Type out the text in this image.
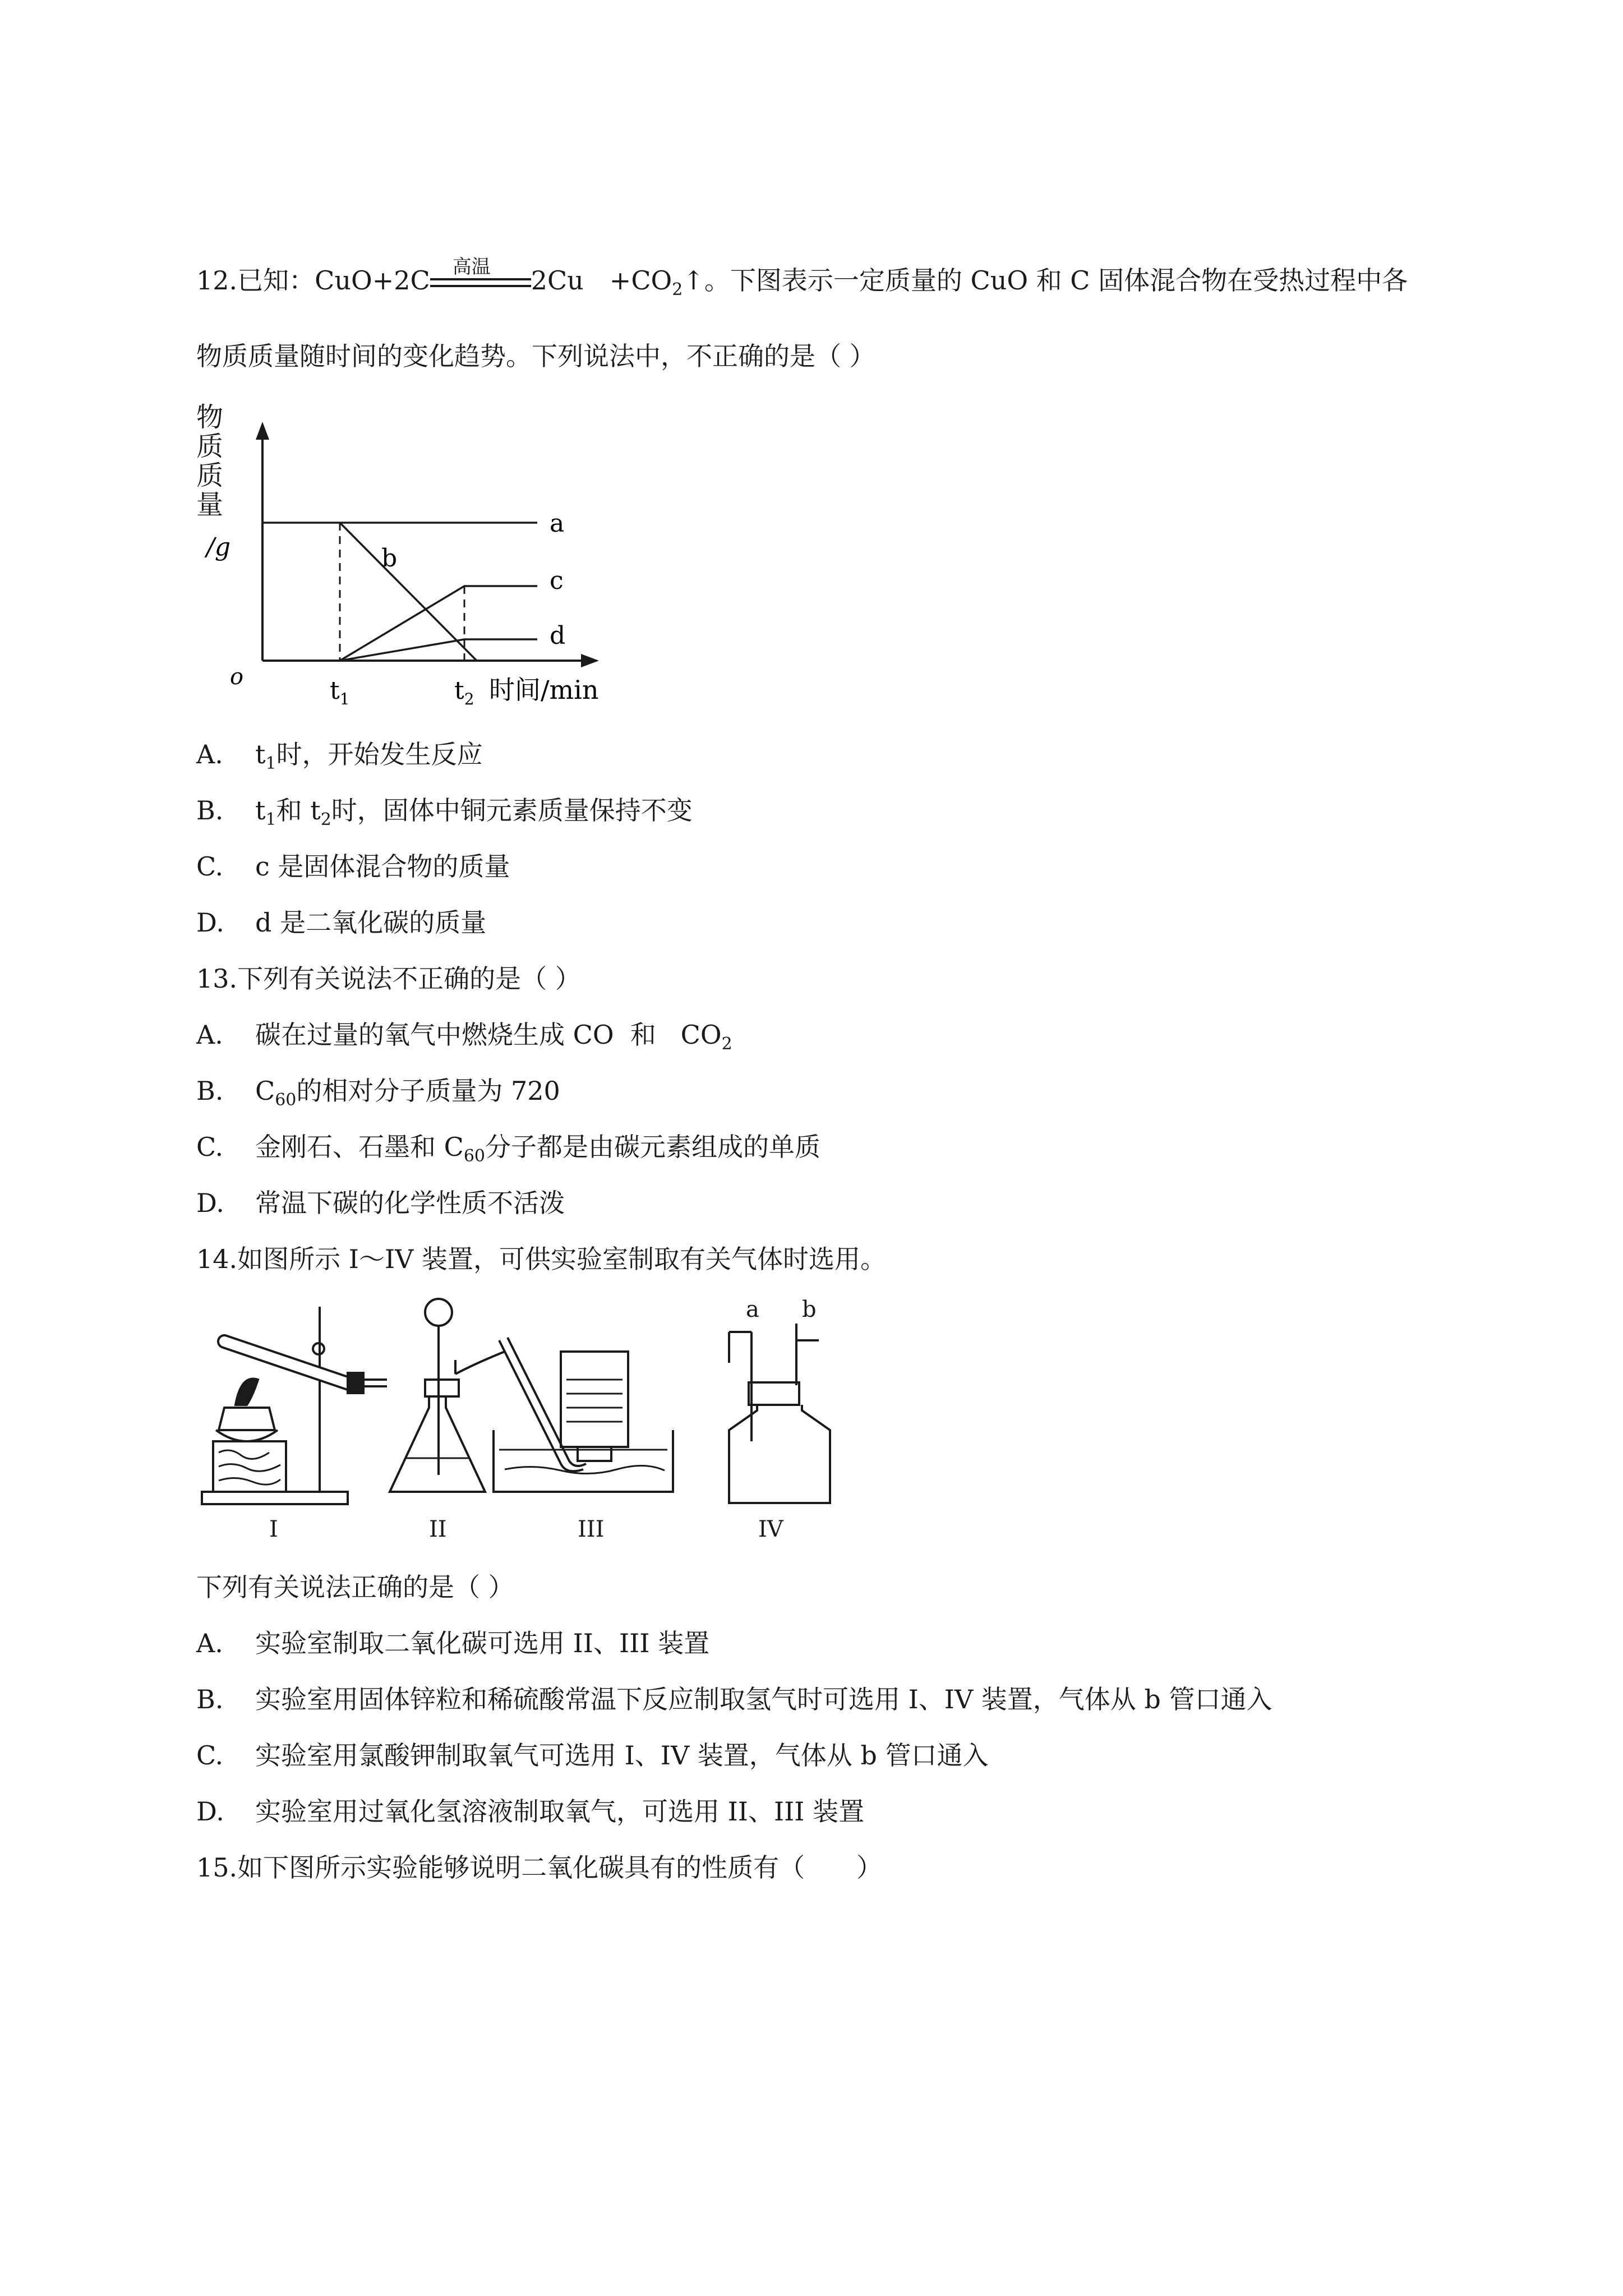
12.已知：CuO+2C 高温 2Cu　$+CO_2↑$。下图表示一定质量的 CuO 和 C 固体混合物在受热过程中各
物质质量随时间的变化趋势。下列说法中，不正确的是（ ）
物
质
质
量
/g
o
a
b
c
d
$t_1$	$t_2$ 时间/min
A. $t_1$时，开始发生反应
B. $t_1$和 $t_2$时，固体中铜元素质量保持不变
C. c 是固体混合物的质量
D. d 是二氧化碳的质量
13.下列有关说法不正确的是（ ）
A. 碳在过量的氧气中燃烧生成 CO  和   $CO_2$
B. $C_{60}$的相对分子质量为 720
C. 金刚石、石墨和 $C_{60}$分子都是由碳元素组成的单质
D. 常温下碳的化学性质不活泼
14.如图所示 I～IV 装置，可供实验室制取有关气体时选用。
a b
I	II	III	IV
下列有关说法正确的是（ ）
A. 实验室制取二氧化碳可选用 II、III 装置
B. 实验室用固体锌粒和稀硫酸常温下反应制取氢气时可选用 I、IV 装置，气体从 b 管口通入
C. 实验室用氯酸钾制取氧气可选用 I、IV 装置，气体从 b 管口通入
D. 实验室用过氧化氢溶液制取氧气，可选用 II、III 装置
15.如下图所示实验能够说明二氧化碳具有的性质有（　　）
